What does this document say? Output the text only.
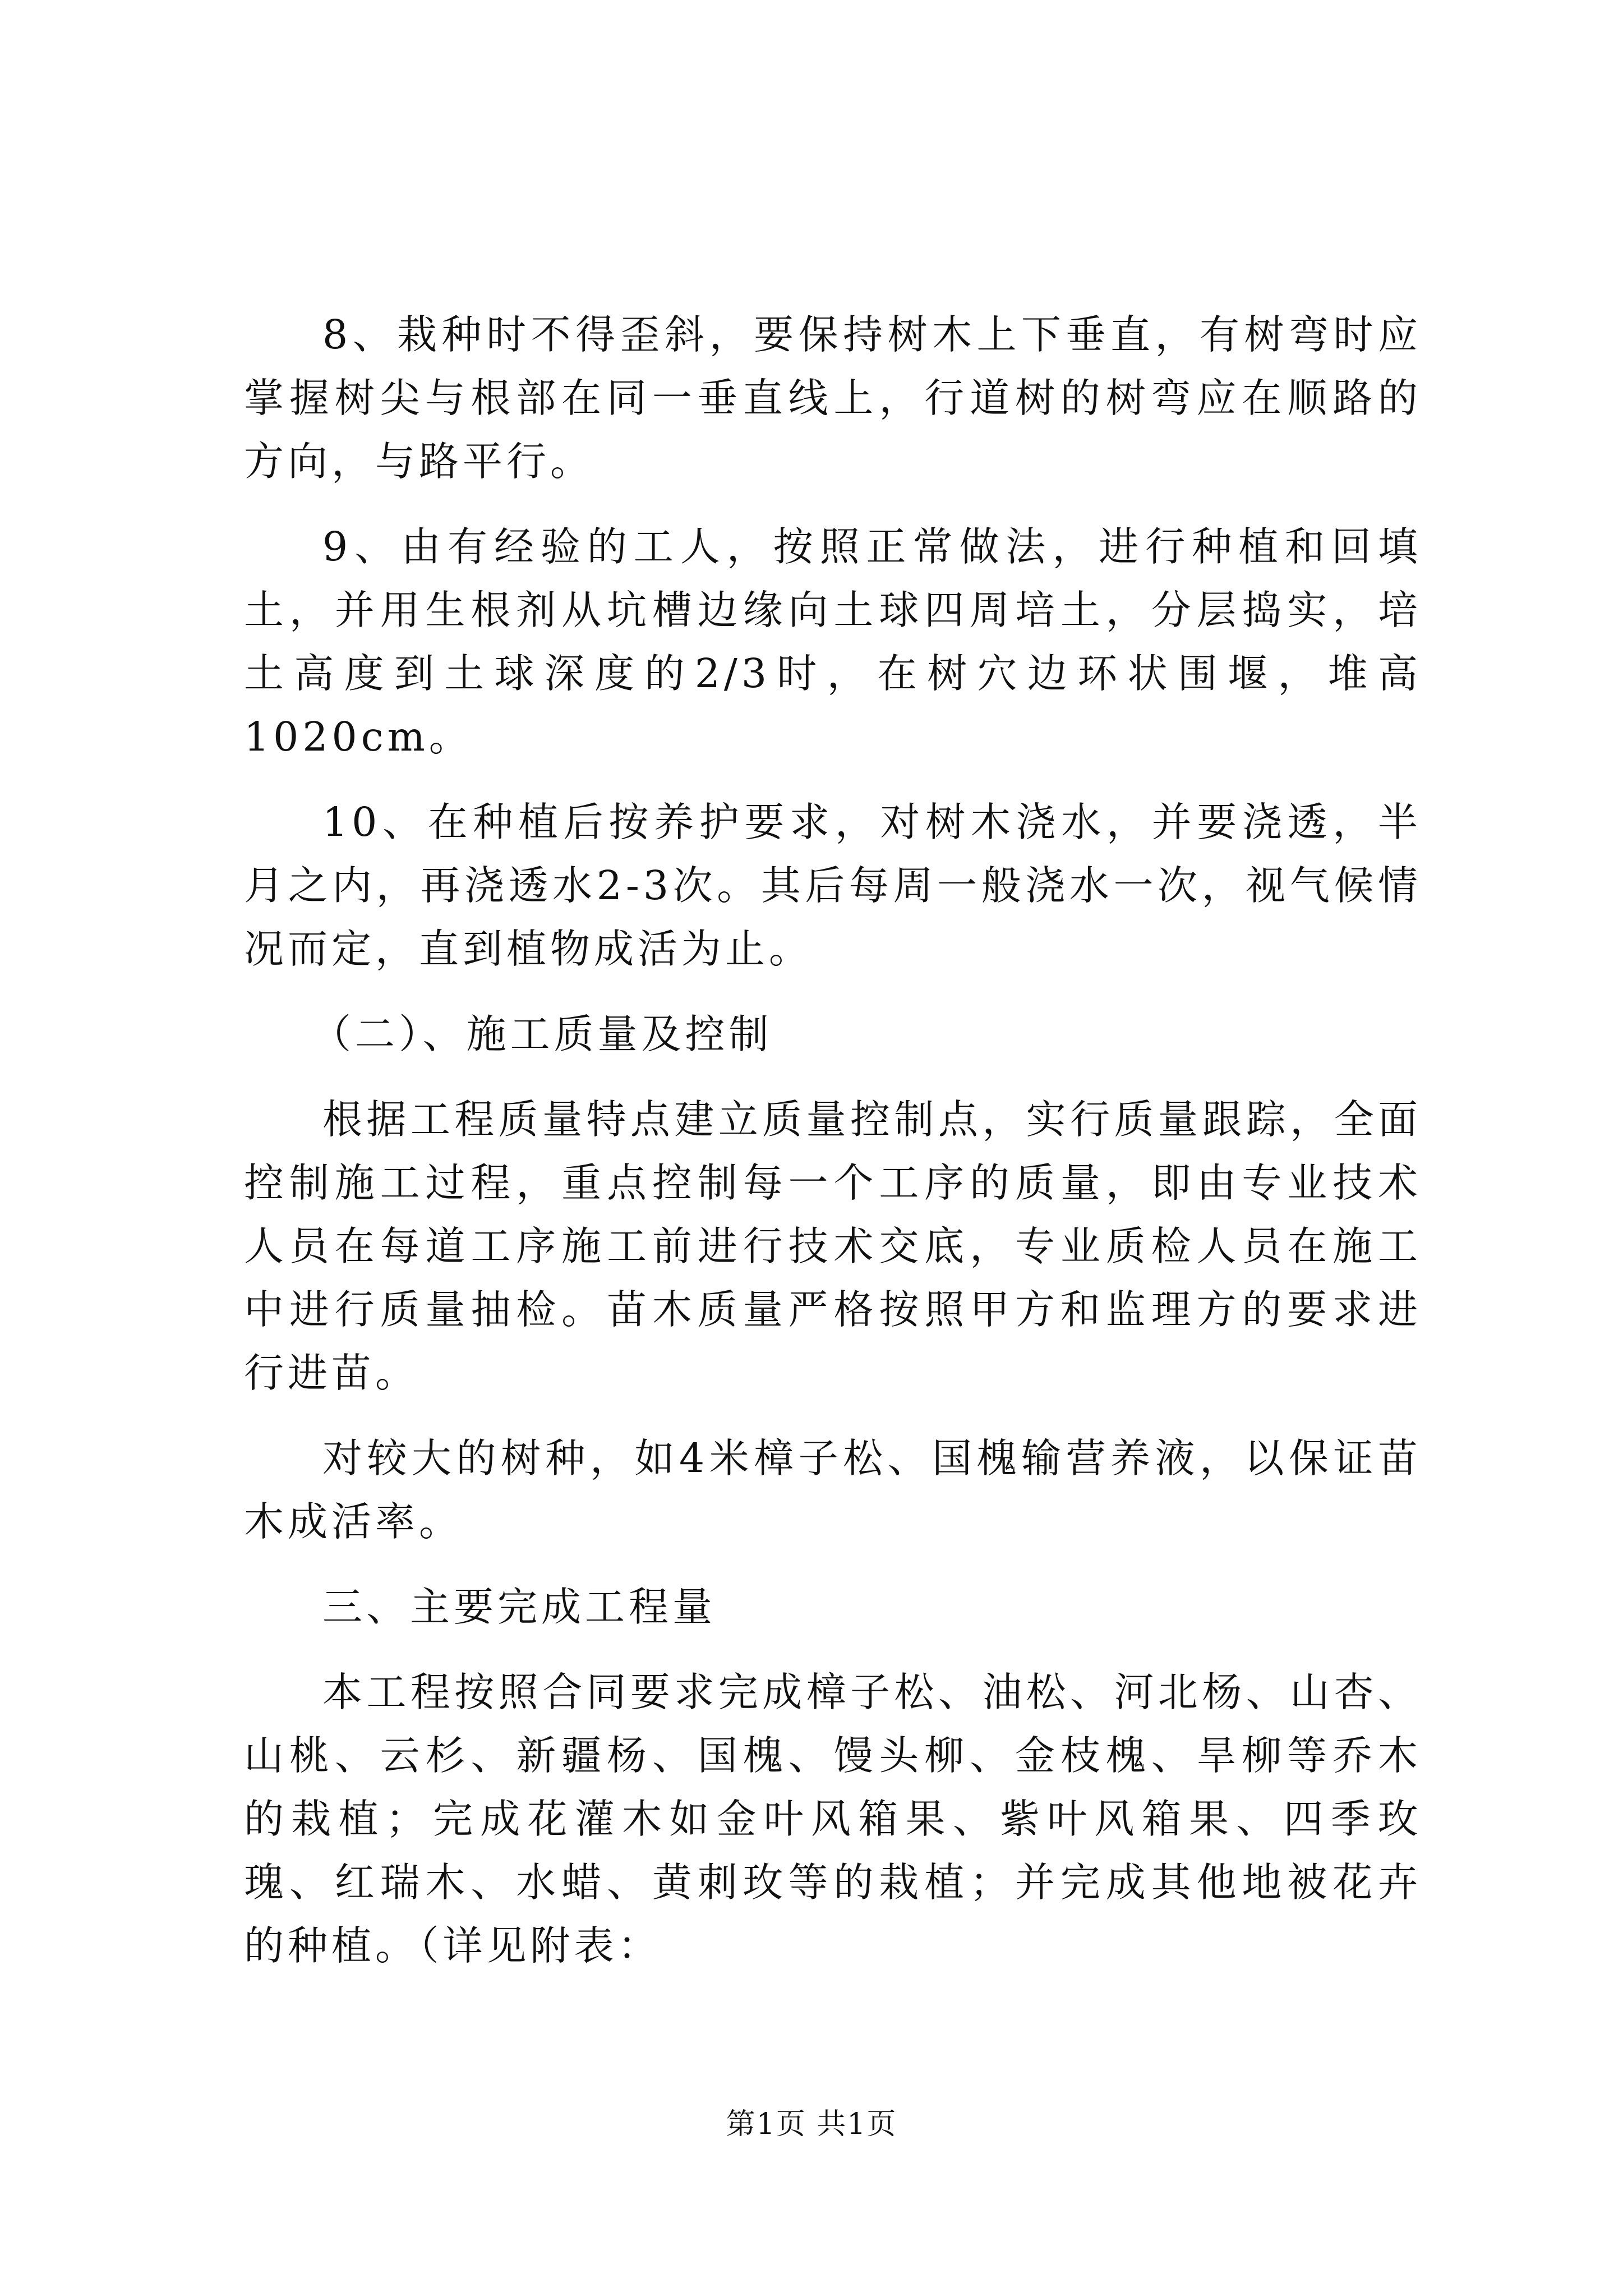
8、栽种时不得歪斜，要保持树木上下垂直，有树弯时应掌握树尖与根部在同一垂直线上，行道树的树弯应在顺路的方向，与路平行。

9、由有经验的工人，按照正常做法，进行种植和回填土，并用生根剂从坑槽边缘向土球四周培土，分层捣实，培土高度到土球深度的2/3时，在树穴边环状围堰，堆高1020cm。

10、在种植后按养护要求，对树木浇水，并要浇透，半月之内，再浇透水2-3次。其后每周一般浇水一次，视气候情况而定，直到植物成活为止。

（二）、施工质量及控制

根据工程质量特点建立质量控制点，实行质量跟踪，全面控制施工过程，重点控制每一个工序的质量，即由专业技术人员在每道工序施工前进行技术交底，专业质检人员在施工中进行质量抽检。苗木质量严格按照甲方和监理方的要求进行进苗。

对较大的树种，如4米樟子松、国槐输营养液，以保证苗木成活率。

三、主要完成工程量

本工程按照合同要求完成樟子松、油松、河北杨、山杏、山桃、云杉、新疆杨、国槐、馒头柳、金枝槐、旱柳等乔木的栽植；完成花灌木如金叶风箱果、紫叶风箱果、四季玫瑰、红瑞木、水蜡、黄刺玫等的栽植；并完成其他地被花卉的种植。（详见附表：

第1页 共1页
